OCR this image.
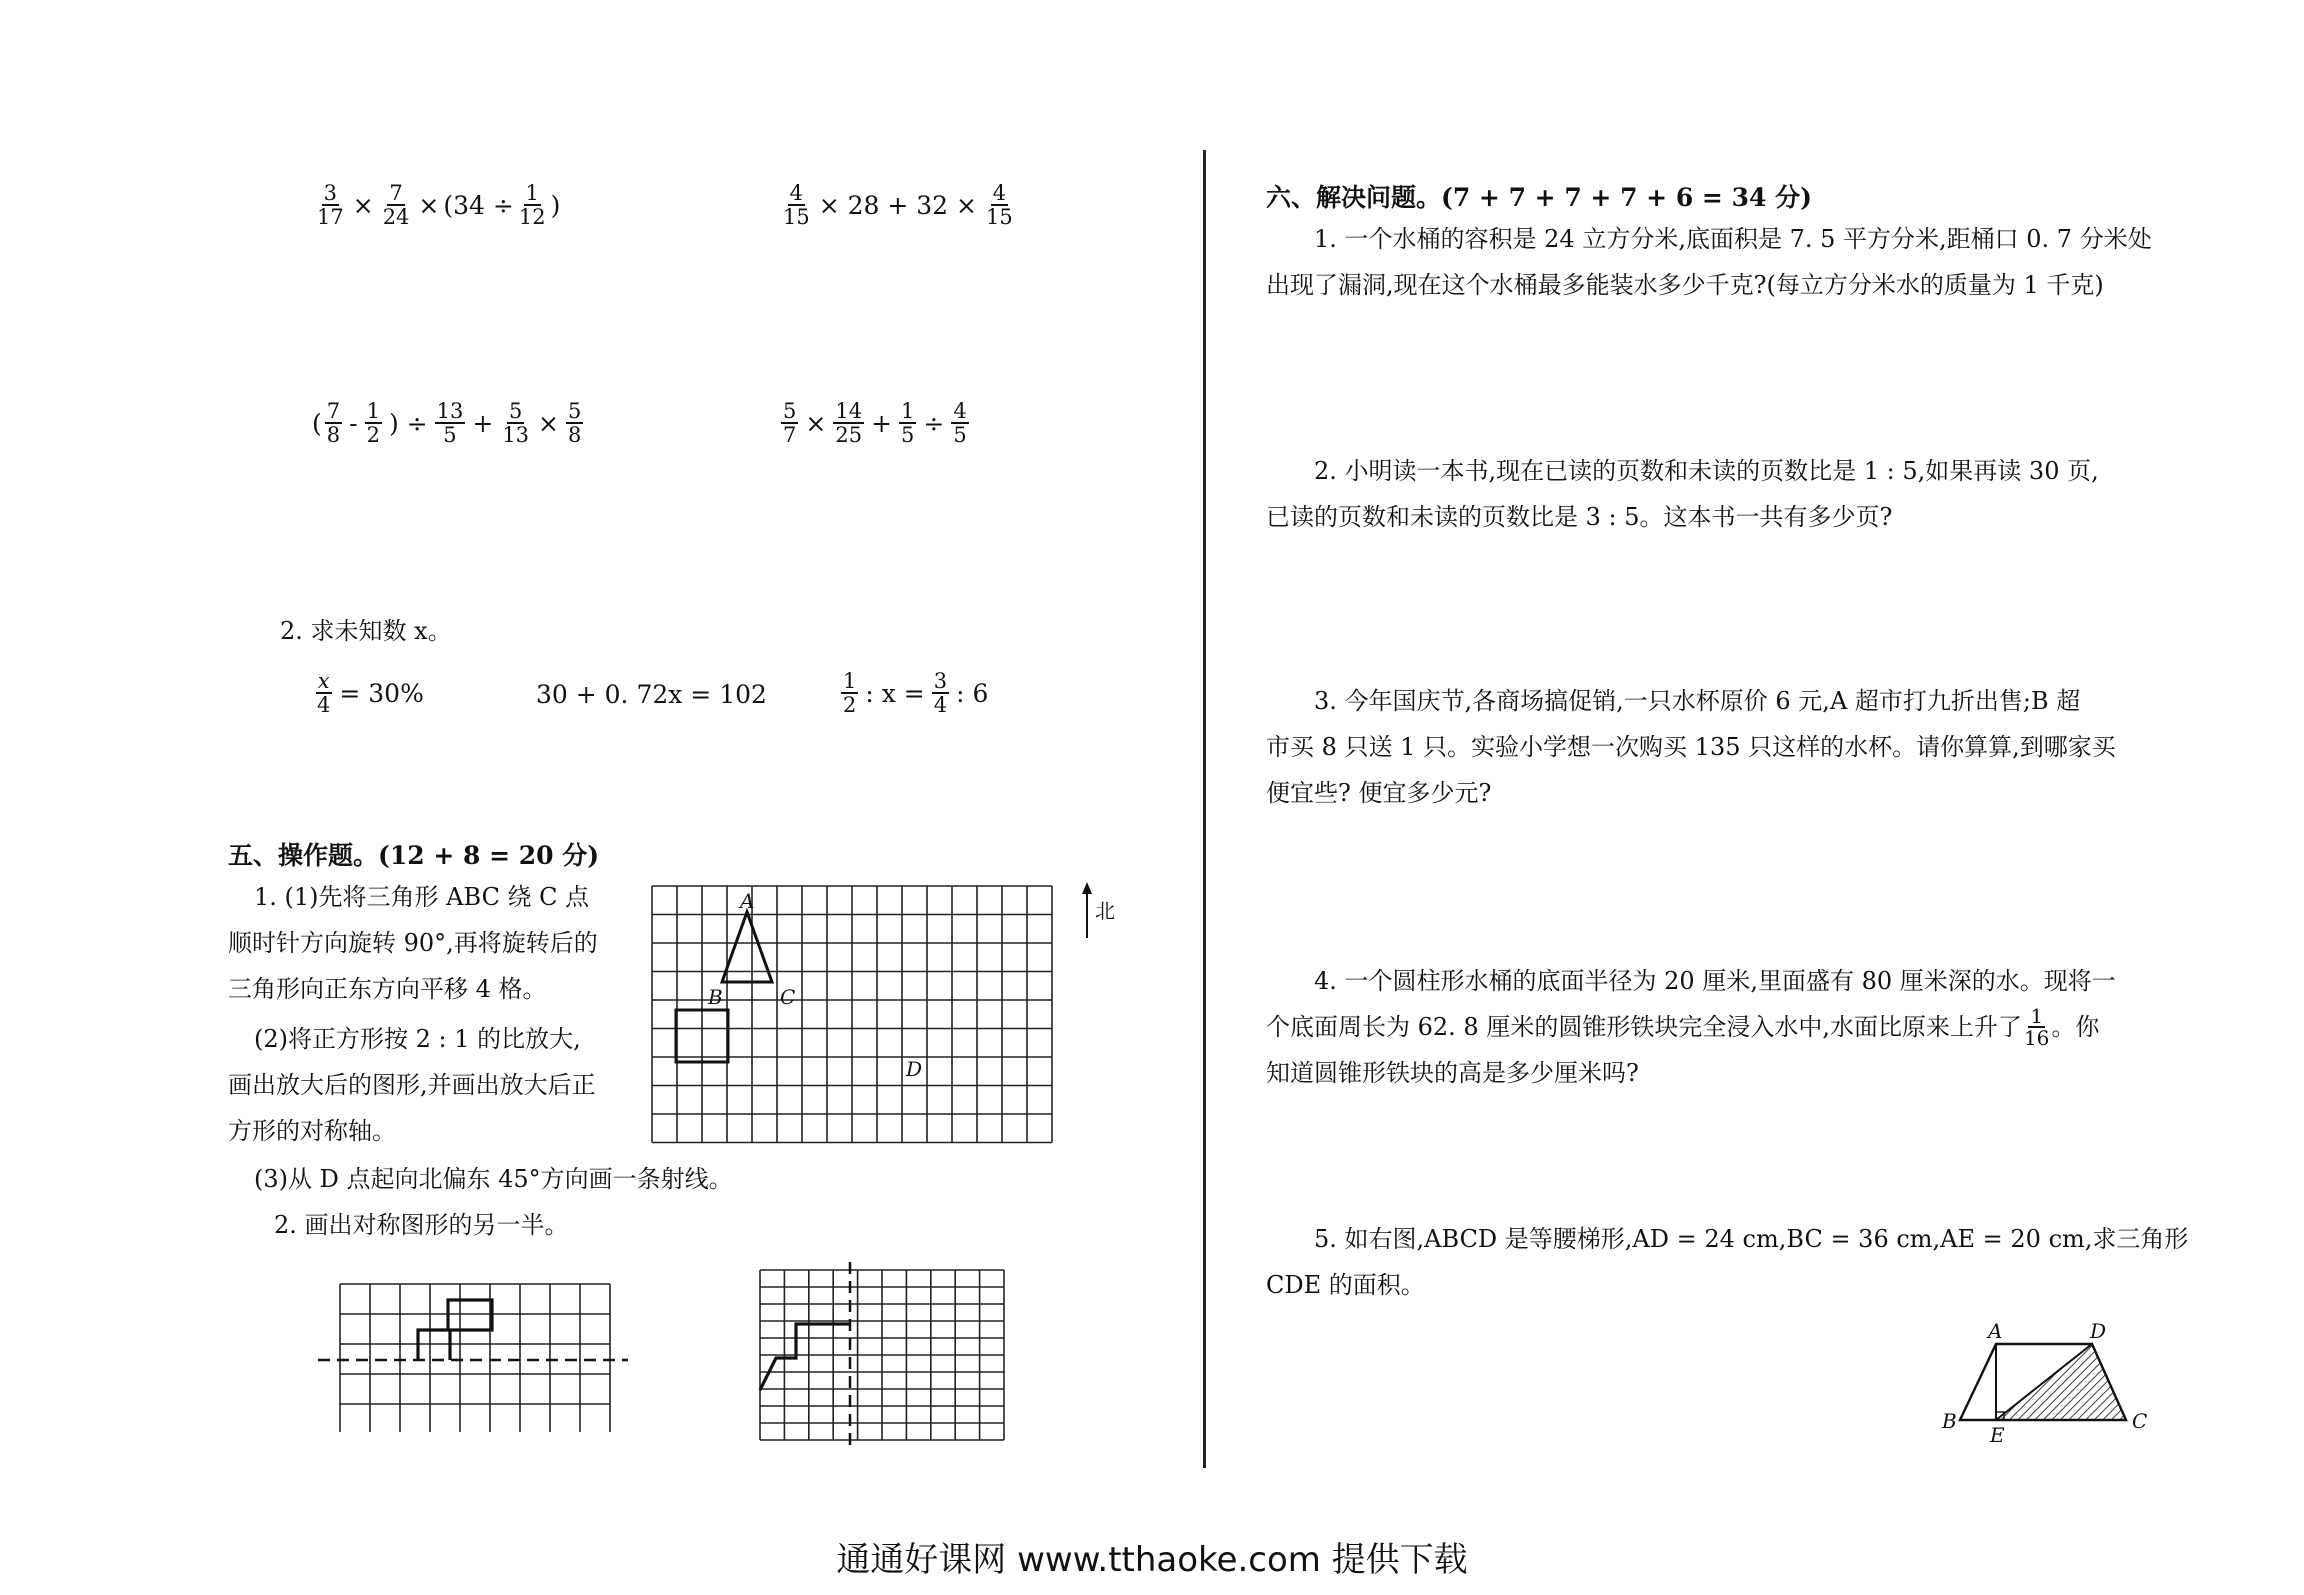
$\frac{3}{17} \times \frac{7}{24} \times (34 \div \frac{1}{12}$ )	$\frac{4}{15} \times 28 + 32 \times \frac{4}{15}$
( $\frac{7}{8} - \frac{1}{2}$ ) ÷ $\frac{13}{5} + \frac{5}{13} \times \frac{5}{8}$	$\frac{5}{7} \times \frac{14}{25} + \frac{1}{5} \div \frac{4}{5}$
2. 求未知数 x。
$\frac{x}{4} = 30\%$	30 + 0. 72x = 102	$\frac{1}{2}$ : $x = \frac{3}{4}$ : 6
五、操作题。(12 + 8 = 20 分)
1. (1)先将三角形 ABC 绕 C 点
顺时针方向旋转 90°,再将旋转后的
三角形向正东方向平移 4 格。
(2)将正方形按 2 : 1 的比放大,
画出放大后的图形,并画出放大后正
方形的对称轴。
(3)从 D 点起向北偏东 45°方向画一条射线。
2. 画出对称图形的另一半。
A
B	C
D
北
六、解决问题。(7 + 7 + 7 + 7 + 6 = 34 分)
1. 一个水桶的容积是 24 立方分米,底面积是 7. 5 平方分米,距桶口 0. 7 分米处
出现了漏洞,现在这个水桶最多能装水多少千克?(每立方分米水的质量为 1 千克)
2. 小明读一本书,现在已读的页数和未读的页数比是 1 : 5,如果再读 30 页,
已读的页数和未读的页数比是 3 : 5。这本书一共有多少页?
3. 今年国庆节,各商场搞促销,一只水杯原价 6 元,A 超市打九折出售;B 超
市买 8 只送 1 只。实验小学想一次购买 135 只这样的水杯。请你算算,到哪家买
便宜些? 便宜多少元?
4. 一个圆柱形水桶的底面半径为 20 厘米,里面盛有 80 厘米深的水。现将一
个底面周长为 62. 8 厘米的圆锥形铁块完全浸入水中,水面比原来上升了 $\frac{1}{16}$ 。你
知道圆锥形铁块的高是多少厘米吗?
5. 如右图,ABCD 是等腰梯形,AD = 24 cm,BC = 36 cm,AE = 20 cm,求三角形
CDE 的面积。
A	D
B
E
C
通通好课网 www.tthaoke.com 提供下载
